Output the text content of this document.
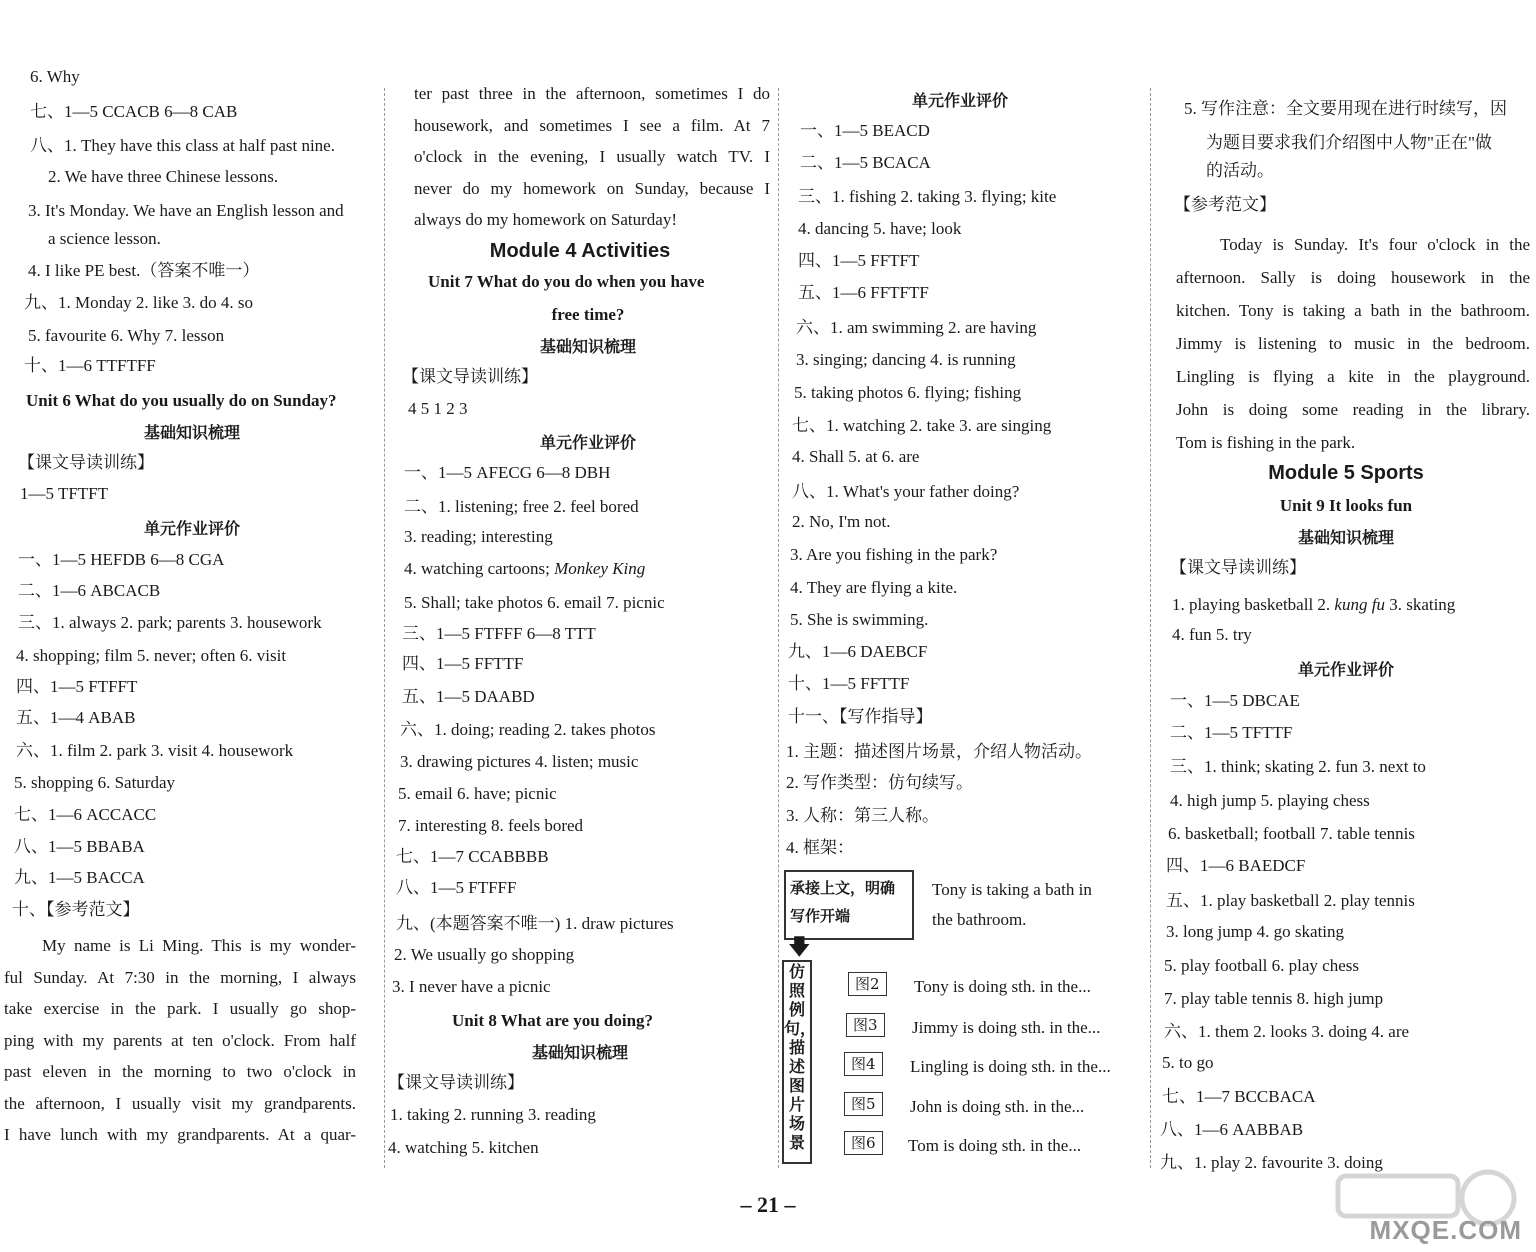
6. Why
七、1—5 CCACB 6—8 CAB
八、1. They have this class at half past nine.
2. We have three Chinese lessons.
3. It's Monday. We have an English lesson and
a science lesson.
4. I like PE best.（答案不唯一）
九、1. Monday 2. like 3. do 4. so
5. favourite 6. Why 7. lesson
十、1—6 TTFTFF
Unit 6 What do you usually do on Sunday?
基础知识梳理
【课文导读训练】
1—5 TFTFT
单元作业评价
一、1—5 HEFDB 6—8 CGA
二、1—6 ABCACB
三、1. always 2. park; parents 3. housework
4. shopping; film 5. never; often 6. visit
四、1—5 FTFFT
五、1—4 ABAB
六、1. film 2. park 3. visit 4. housework
5. shopping 6. Saturday
七、1—6 ACCACC
八、1—5 BBABA
九、1—5 BACCA
十、【参考范文】
My name is Li Ming. This is my wonder-
ful Sunday. At 7:30 in the morning, I always
take exercise in the park. I usually go shop-
ping with my parents at ten o'clock. From half
past eleven in the morning to two o'clock in
the afternoon, I usually visit my grandparents.
I have lunch with my grandparents. At a quar-
ter past three in the afternoon, sometimes I do
housework, and sometimes I see a film. At 7
o'clock in the evening, I usually watch TV. I
never do my homework on Sunday, because I
always do my homework on Saturday!
Module 4 Activities
Unit 7 What do you do when you have
free time?
基础知识梳理
【课文导读训练】
4 5 1 2 3
单元作业评价
一、1—5 AFECG 6—8 DBH
二、1. listening; free 2. feel bored
3. reading; interesting
4. watching cartoons; Monkey King
5. Shall; take photos 6. email 7. picnic
三、1—5 FTFFF 6—8 TTT
四、1—5 FFTTF
五、1—5 DAABD
六、1. doing; reading 2. takes photos
3. drawing pictures 4. listen; music
5. email 6. have; picnic
7. interesting 8. feels bored
七、1—7 CCABBBB
八、1—5 FTFFF
九、(本题答案不唯一) 1. draw pictures
2. We usually go shopping
3. I never have a picnic
Unit 8 What are you doing?
基础知识梳理
【课文导读训练】
1. taking 2. running 3. reading
4. watching 5. kitchen
单元作业评价
一、1—5 BEACD
二、1—5 BCACA
三、1. fishing 2. taking 3. flying; kite
4. dancing 5. have; look
四、1—5 FFTFT
五、1—6 FFTFTF
六、1. am swimming 2. are having
3. singing; dancing 4. is running
5. taking photos 6. flying; fishing
七、1. watching 2. take 3. are singing
4. Shall 5. at 6. are
八、1. What's your father doing?
2. No, I'm not.
3. Are you fishing in the park?
4. They are flying a kite.
5. She is swimming.
九、1—6 DAEBCF
十、1—5 FFTTF
十一、【写作指导】
1. 主题：描述图片场景，介绍人物活动。
2. 写作类型：仿句续写。
3. 人称：第三人称。
4. 框架：
承接上文，明确写作开端
Tony is taking a bath in
the bathroom.
🡇
仿照例句，描述图片场景
图2	Tony is doing sth. in the...
图3	Jimmy is doing sth. in the...
图4	Lingling is doing sth. in the...
图5	John is doing sth. in the...
图6	Tom is doing sth. in the...
5. 写作注意：全文要用现在进行时续写，因
为题目要求我们介绍图中人物"正在"做
的活动。
【参考范文】
Today is Sunday. It's four o'clock in the
afternoon. Sally is doing housework in the
kitchen. Tony is taking a bath in the bathroom.
Jimmy is listening to music in the bedroom.
Lingling is flying a kite in the playground.
John is doing some reading in the library.
Tom is fishing in the park.
Module 5 Sports
Unit 9 It looks fun
基础知识梳理
【课文导读训练】
1. playing basketball 2. kung fu 3. skating
4. fun 5. try
单元作业评价
一、1—5 DBCAE
二、1—5 TFTTF
三、1. think; skating 2. fun 3. next to
4. high jump 5. playing chess
6. basketball; football 7. table tennis
四、1—6 BAEDCF
五、1. play basketball 2. play tennis
3. long jump 4. go skating
5. play football 6. play chess
7. play table tennis 8. high jump
六、1. them 2. looks 3. doing 4. are
5. to go
七、1—7 BCCBACA
八、1—6 AABBAB
九、1. play 2. favourite 3. doing
– 21 –
MXQE.COM
